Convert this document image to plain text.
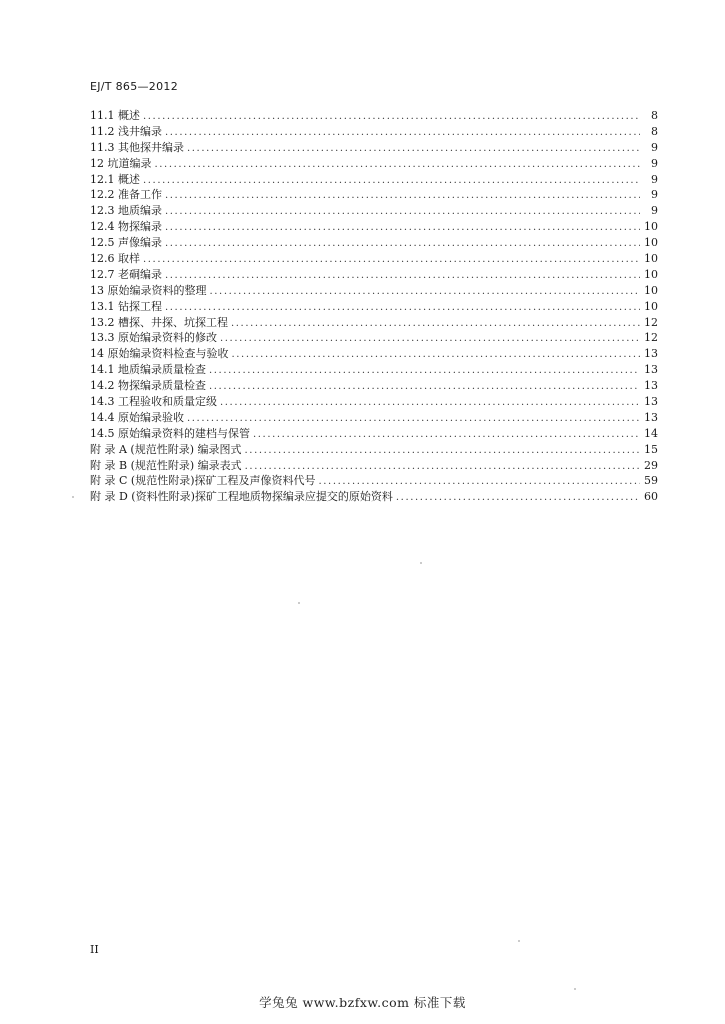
EJ/T 865—2012
11.1 概述 .....	8
11.2 浅井编录 .....	8
11.3 其他探井编录 .....	9
12 坑道编录 .....	9
12.1 概述 .....	9
12.2 准备工作 .....	9
12.3 地质编录 .....	9
12.4 物探编录 .....	10
12.5 声像编录 .....	10
12.6 取样 .....	10
12.7 老硐编录 .....	10
13 原始编录资料的整理 .....	10
13.1 钻探工程 .....	10
13.2 槽探、井探、坑探工程 .....	12
13.3 原始编录资料的修改 .....	12
14 原始编录资料检查与验收 .....	13
14.1 地质编录质量检查 .....	13
14.2 物探编录质量检查 .....	13
14.3 工程验收和质量定级 .....	13
14.4 原始编录验收 .....	13
14.5 原始编录资料的建档与保管 .....	14
附 录 A (规范性附录) 编录图式 .....	15
附 录 B (规范性附录) 编录表式 .....	29
附 录 C (规范性附录)探矿工程及声像资料代号 .....	59
附 录 D (资料性附录)探矿工程地质物探编录应提交的原始资料 .....	60
II
学兔兔 www.bzfxw.com 标准下载
